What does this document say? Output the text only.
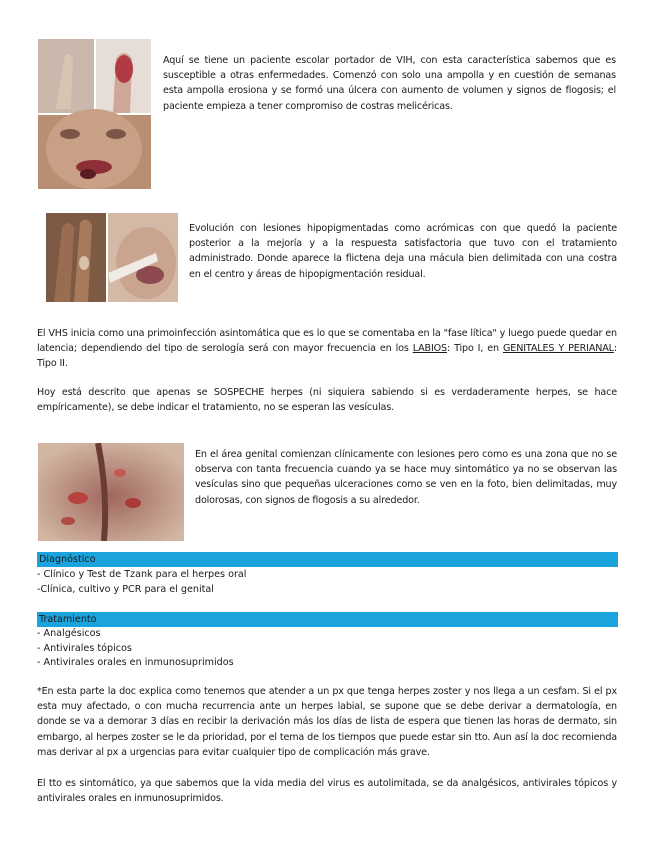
Aquí se tiene un paciente escolar portador de VIH, con esta característica sabemos que es susceptible a otras enfermedades. Comenzó con solo una ampolla y en cuestión de semanas esta ampolla erosiona y se formó una úlcera con aumento de volumen y signos de flogosis; el paciente empieza a tener compromiso de costras melicéricas.

Evolución con lesiones hipopigmentadas como acrómicas con que quedó la paciente posterior a la mejoría y a la respuesta satisfactoria que tuvo con el tratamiento administrado. Donde aparece la flictena deja una mácula bien delimitada con una costra en el centro y áreas de hipopigmentación residual.

El VHS inicia como una primoinfección asintomática que es lo que se comentaba en la "fase lítica" y luego puede quedar en latencia; dependiendo del tipo de serología será con mayor frecuencia en los LABIOS: Tipo I, en GENITALES Y PERIANAL: Tipo II.

Hoy está descrito que apenas se SOSPECHE herpes (ni siquiera sabiendo si es verdaderamente herpes, se hace empíricamente), se debe indicar el tratamiento, no se esperan las vesículas.

En el área genital comienzan clínicamente con lesiones pero como es una zona que no se observa con tanta frecuencia cuando ya se hace muy sintomático ya no se observan las vesículas sino que pequeñas ulceraciones como se ven en la foto, bien delimitadas, muy dolorosas, con signos de flogosis a su alrededor.

Diagnóstico
- Clínico y Test de Tzank para el herpes oral
-Clínica, cultivo y PCR para el genital
Tratamiento
- Analgésicos
- Antivirales tópicos
- Antivirales orales en inmunosuprimidos

*En esta parte la doc explica como tenemos que atender a un px que tenga herpes zoster y nos llega a un cesfam. Si el px esta muy afectado, o con mucha recurrencia ante un herpes labial, se supone que se debe derivar a dermatología, en donde se va a demorar 3 días en recibir la derivación más los días de lista de espera que tienen las horas de dermato, sin embargo, al herpes zoster se le da prioridad, por el tema de los tiempos que puede estar sin tto. Aun así la doc recomienda mas derivar al px a urgencias para evitar cualquier tipo de complicación más grave.

El tto es sintomático, ya que sabemos que la vida media del virus es autolimitada, se da analgésicos, antivirales tópicos y antivirales orales en inmunosuprimidos.
